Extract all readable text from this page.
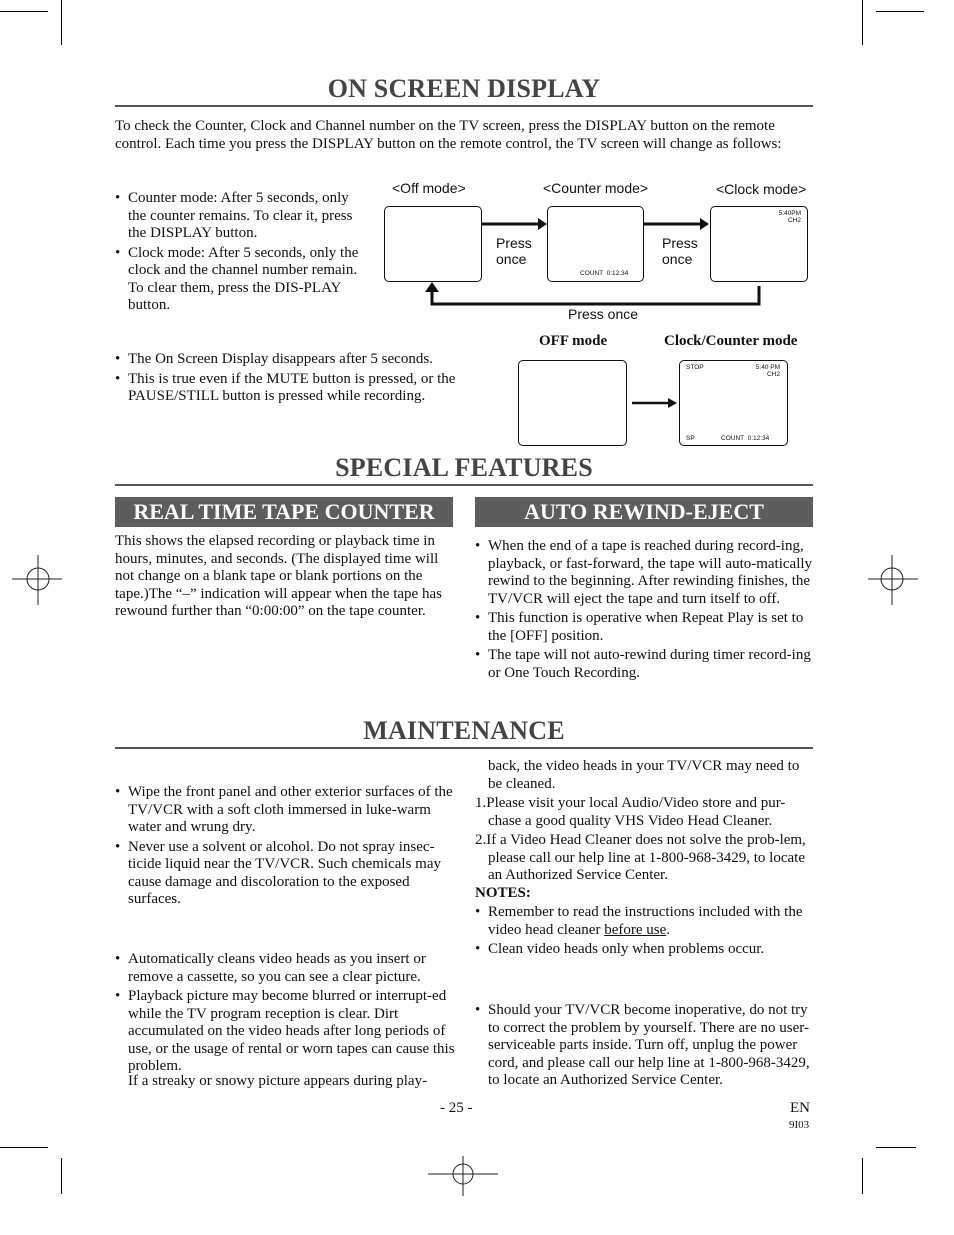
ON SCREEN DISPLAY
To check the Counter, Clock and Channel number on the TV screen, press the DISPLAY button on the remote control. Each time you press the DISPLAY button on the remote control, the TV screen will change as follows:
• Counter mode: After 5 seconds, only the counter remains. To clear it, press the DISPLAY button.
• Clock mode: After 5 seconds, only the clock and the channel number remain. To clear them, press the DIS-PLAY button.
<Off mode>	<Counter mode>	<Clock mode>
COUNT  0:12:34
5:40PM
CH2
Press once
Press once
Press once
OFF mode	Clock/Counter mode
STOP	5:40 PM
CH2
SP	COUNT  0:12:34
• The On Screen Display disappears after 5 seconds.
• This is true even if the MUTE button is pressed, or the PAUSE/STILL button is pressed while recording.
SPECIAL FEATURES
REAL TIME TAPE COUNTER	AUTO REWIND-EJECT
This shows the elapsed recording or playback time in hours, minutes, and seconds. (The displayed time will not change on a blank tape or blank portions on the tape.)The “–” indication will appear when the tape has rewound further than “0:00:00” on the tape counter.
• When the end of a tape is reached during record-ing, playback, or fast-forward, the tape will auto-matically rewind to the beginning. After rewinding finishes, the TV/VCR will eject the tape and turn itself to off.
• This function is operative when Repeat Play is set to the [OFF] position.
• The tape will not auto-rewind during timer record-ing or One Touch Recording.
MAINTENANCE
• Wipe the front panel and other exterior surfaces of the TV/VCR with a soft cloth immersed in luke-warm water and wrung dry.
• Never use a solvent or alcohol. Do not spray insec-ticide liquid near the TV/VCR. Such chemicals may cause damage and discoloration to the exposed surfaces.
• Automatically cleans video heads as you insert or remove a cassette, so you can see a clear picture.
• Playback picture may become blurred or interrupt-ed while the TV program reception is clear. Dirt accumulated on the video heads after long periods of use, or the usage of rental or worn tapes can cause this problem.
If a streaky or snowy picture appears during play-
back, the video heads in your TV/VCR may need to be cleaned.
1.Please visit your local Audio/Video store and pur-chase a good quality VHS Video Head Cleaner.
2.If a Video Head Cleaner does not solve the prob-lem, please call our help line at 1-800-968-3429, to locate an Authorized Service Center.
NOTES:
• Remember to read the instructions included with the video head cleaner before use.
• Clean video heads only when problems occur.
• Should your TV/VCR become inoperative, do not try to correct the problem by yourself. There are no user-serviceable parts inside. Turn off, unplug the power cord, and please call our help line at 1-800-968-3429, to locate an Authorized Service Center.
- 25 -	EN
9I03
